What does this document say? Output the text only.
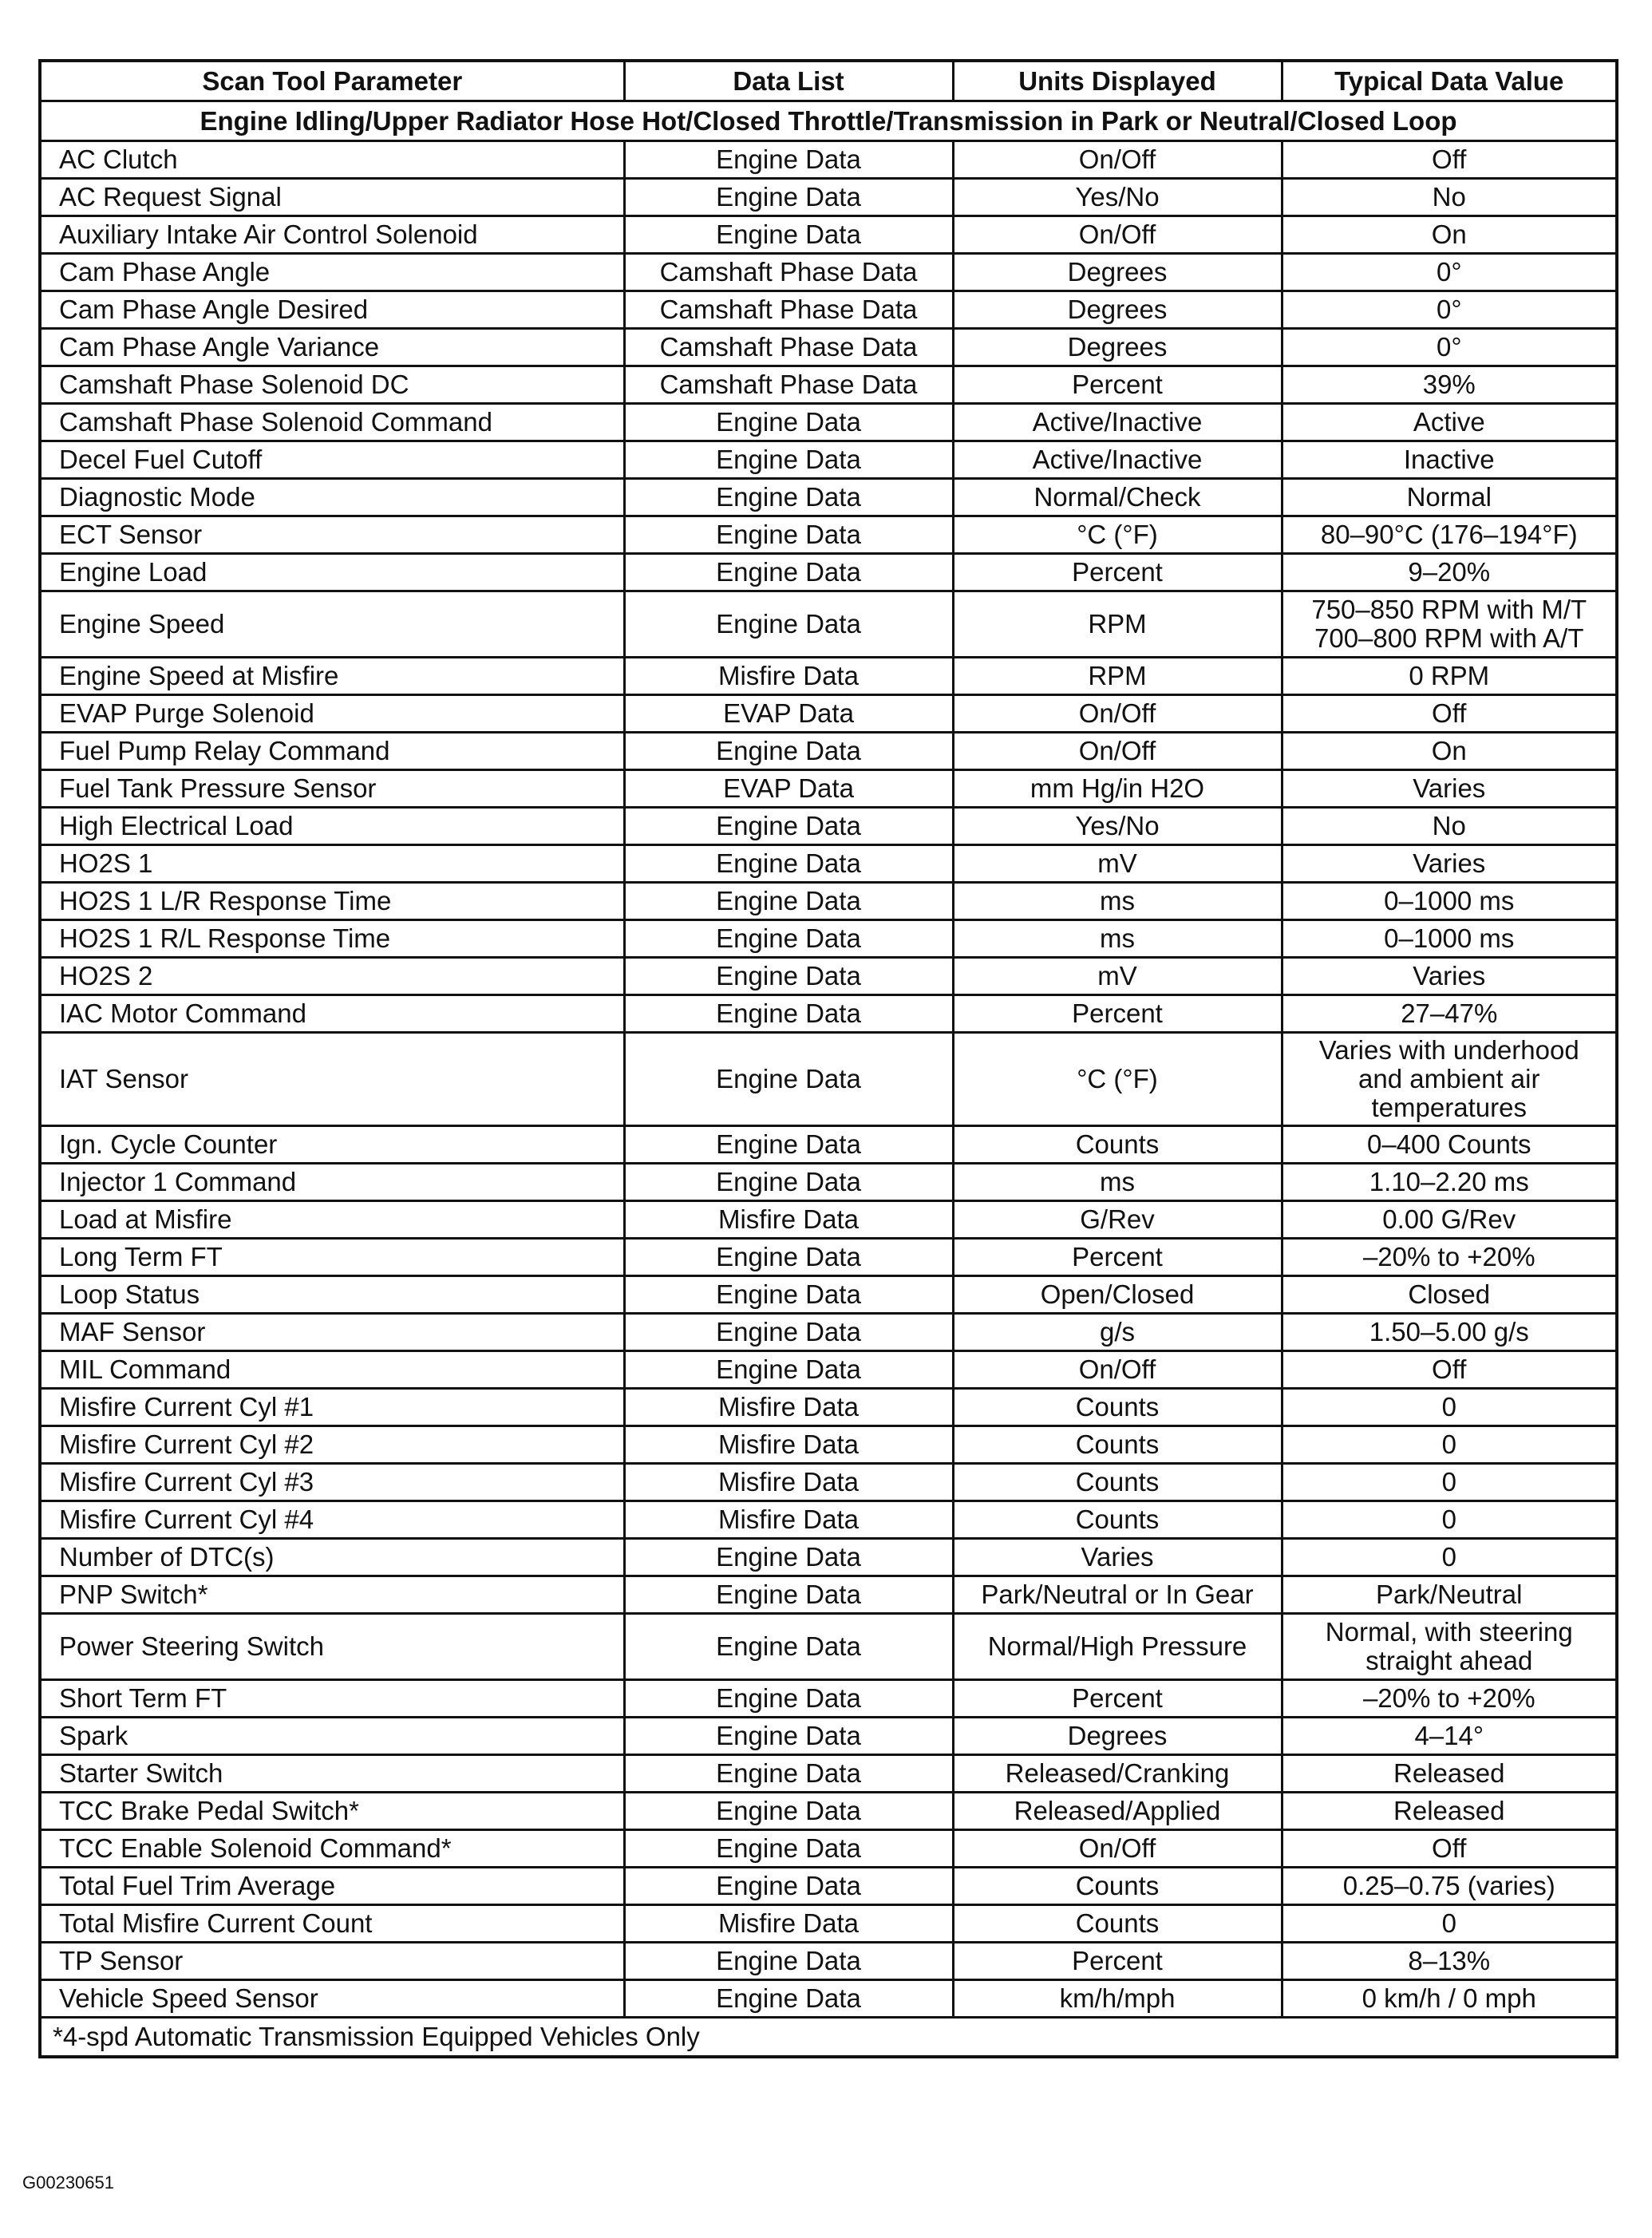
Scan Tool Parameter	Data List	Units Displayed	Typical Data Value
Engine Idling/Upper Radiator Hose Hot/Closed Throttle/Transmission in Park or Neutral/Closed Loop			
AC Clutch	Engine Data	On/Off	Off
AC Request Signal	Engine Data	Yes/No	No
Auxiliary Intake Air Control Solenoid	Engine Data	On/Off	On
Cam Phase Angle	Camshaft Phase Data	Degrees	0°
Cam Phase Angle Desired	Camshaft Phase Data	Degrees	0°
Cam Phase Angle Variance	Camshaft Phase Data	Degrees	0°
Camshaft Phase Solenoid DC	Camshaft Phase Data	Percent	39%
Camshaft Phase Solenoid Command	Engine Data	Active/Inactive	Active
Decel Fuel Cutoff	Engine Data	Active/Inactive	Inactive
Diagnostic Mode	Engine Data	Normal/Check	Normal
ECT Sensor	Engine Data	°C (°F)	80–90°C (176–194°F)
Engine Load	Engine Data	Percent	9–20%
Engine Speed	Engine Data	RPM	750–850 RPM with M/T
700–800 RPM with A/T
Engine Speed at Misfire	Misfire Data	RPM	0 RPM
EVAP Purge Solenoid	EVAP Data	On/Off	Off
Fuel Pump Relay Command	Engine Data	On/Off	On
Fuel Tank Pressure Sensor	EVAP Data	mm Hg/in H2O	Varies
High Electrical Load	Engine Data	Yes/No	No
HO2S 1	Engine Data	mV	Varies
HO2S 1 L/R Response Time	Engine Data	ms	0–1000 ms
HO2S 1 R/L Response Time	Engine Data	ms	0–1000 ms
HO2S 2	Engine Data	mV	Varies
IAC Motor Command	Engine Data	Percent	27–47%
IAT Sensor	Engine Data	°C (°F)	Varies with underhood
and ambient air
temperatures
Ign. Cycle Counter	Engine Data	Counts	0–400 Counts
Injector 1 Command	Engine Data	ms	1.10–2.20 ms
Load at Misfire	Misfire Data	G/Rev	0.00 G/Rev
Long Term FT	Engine Data	Percent	–20% to +20%
Loop Status	Engine Data	Open/Closed	Closed
MAF Sensor	Engine Data	g/s	1.50–5.00 g/s
MIL Command	Engine Data	On/Off	Off
Misfire Current Cyl #1	Misfire Data	Counts	0
Misfire Current Cyl #2	Misfire Data	Counts	0
Misfire Current Cyl #3	Misfire Data	Counts	0
Misfire Current Cyl #4	Misfire Data	Counts	0
Number of DTC(s)	Engine Data	Varies	0
PNP Switch*	Engine Data	Park/Neutral or In Gear	Park/Neutral
Power Steering Switch	Engine Data	Normal/High Pressure	Normal, with steering
straight ahead
Short Term FT	Engine Data	Percent	–20% to +20%
Spark	Engine Data	Degrees	4–14°
Starter Switch	Engine Data	Released/Cranking	Released
TCC Brake Pedal Switch*	Engine Data	Released/Applied	Released
TCC Enable Solenoid Command*	Engine Data	On/Off	Off
Total Fuel Trim Average	Engine Data	Counts	0.25–0.75 (varies)
Total Misfire Current Count	Misfire Data	Counts	0
TP Sensor	Engine Data	Percent	8–13%
Vehicle Speed Sensor	Engine Data	km/h/mph	0 km/h / 0 mph
*4-spd Automatic Transmission Equipped Vehicles Only			
G00230651
